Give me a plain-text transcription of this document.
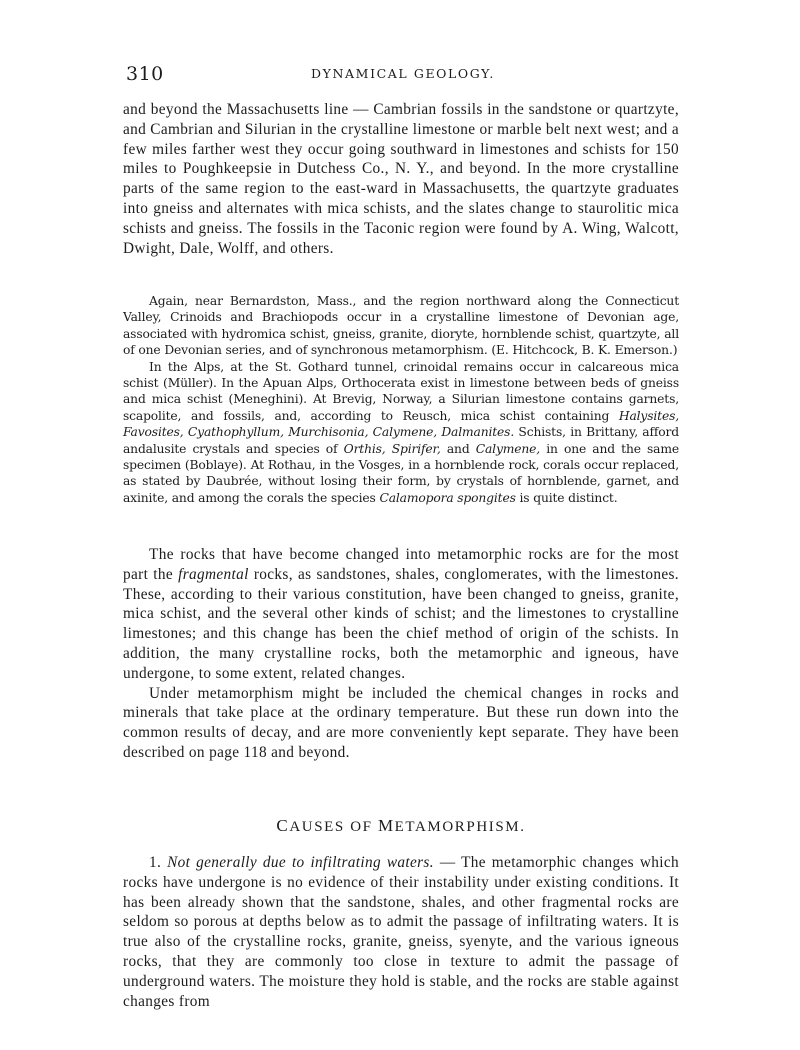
310	DYNAMICAL GEOLOGY.

and beyond the Massachusetts line — Cambrian fossils in the sandstone or quartzyte, and Cambrian and Silurian in the crystalline limestone or marble belt next west; and a few miles farther west they occur going southward in limestones and schists for 150 miles to Poughkeepsie in Dutchess Co., N. Y., and beyond. In the more crystalline parts of the same region to the east-ward in Massachusetts, the quartzyte graduates into gneiss and alternates with mica schists, and the slates change to staurolitic mica schists and gneiss. The fossils in the Taconic region were found by A. Wing, Walcott, Dwight, Dale, Wolff, and others.

Again, near Bernardston, Mass., and the region northward along the Connecticut Valley, Crinoids and Brachiopods occur in a crystalline limestone of Devonian age, associated with hydromica schist, gneiss, granite, dioryte, hornblende schist, quartzyte, all of one Devonian series, and of synchronous metamorphism. (E. Hitchcock, B. K. Emerson.)

In the Alps, at the St. Gothard tunnel, crinoidal remains occur in calcareous mica schist (Müller). In the Apuan Alps, Orthocerata exist in limestone between beds of gneiss and mica schist (Meneghini). At Brevig, Norway, a Silurian limestone contains garnets, scapolite, and fossils, and, according to Reusch, mica schist containing Halysites, Favosites, Cyathophyllum, Murchisonia, Calymene, Dalmanites. Schists, in Brittany, afford andalusite crystals and species of Orthis, Spirifer, and Calymene, in one and the same specimen (Boblaye). At Rothau, in the Vosges, in a hornblende rock, corals occur replaced, as stated by Daubrée, without losing their form, by crystals of hornblende, garnet, and axinite, and among the corals the species Calamopora spongites is quite distinct.

The rocks that have become changed into metamorphic rocks are for the most part the fragmental rocks, as sandstones, shales, conglomerates, with the limestones. These, according to their various constitution, have been changed to gneiss, granite, mica schist, and the several other kinds of schist; and the limestones to crystalline limestones; and this change has been the chief method of origin of the schists. In addition, the many crystalline rocks, both the metamorphic and igneous, have undergone, to some extent, related changes.

Under metamorphism might be included the chemical changes in rocks and minerals that take place at the ordinary temperature. But these run down into the common results of decay, and are more conveniently kept separate. They have been described on page 118 and beyond.

CAUSES OF METAMORPHISM.

1. Not generally due to infiltrating waters. — The metamorphic changes which rocks have undergone is no evidence of their instability under existing conditions. It has been already shown that the sandstone, shales, and other fragmental rocks are seldom so porous at depths below as to admit the passage of infiltrating waters. It is true also of the crystalline rocks, granite, gneiss, syenyte, and the various igneous rocks, that they are commonly too close in texture to admit the passage of underground waters. The moisture they hold is stable, and the rocks are stable against changes from
